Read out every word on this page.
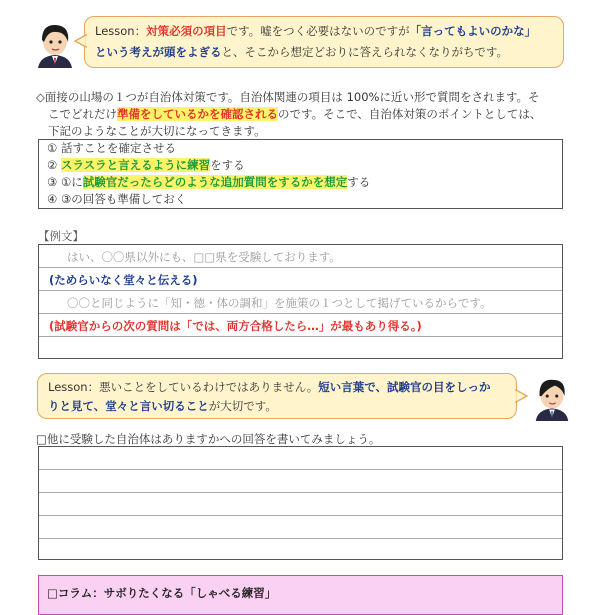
Lesson：対策必須の項目です。嘘をつく必要はないのですが「言ってもよいのかな」
という考えが頭をよぎると、そこから想定どおりに答えられなくなりがちです。
◇面接の山場の１つが自治体対策です。自治体関連の項目は 100%に近い形で質問をされます。そ
こでどれだけ準備をしているかを確認されるのです。そこで、自治体対策のポイントとしては、
下記のようなことが大切になってきます。
① 話すことを確定させる
② スラスラと言えるように練習をする
③ ①に試験官だったらどのような追加質問をするかを想定する
④ ③の回答も準備しておく
【例文】
はい、〇〇県以外にも、□□県を受験しております。
(ためらいなく堂々と伝える)
〇〇と同じように「知・徳・体の調和」を施策の１つとして掲げているからです。
(試験官からの次の質問は「では、両方合格したら…」が最もあり得る。)
Lesson：悪いことをしているわけではありません。短い言葉で、試験官の目をしっか
りと見て、堂々と言い切ることが大切です。
□他に受験した自治体はありますかへの回答を書いてみましょう。
□コラム：サボりたくなる「しゃべる練習」
